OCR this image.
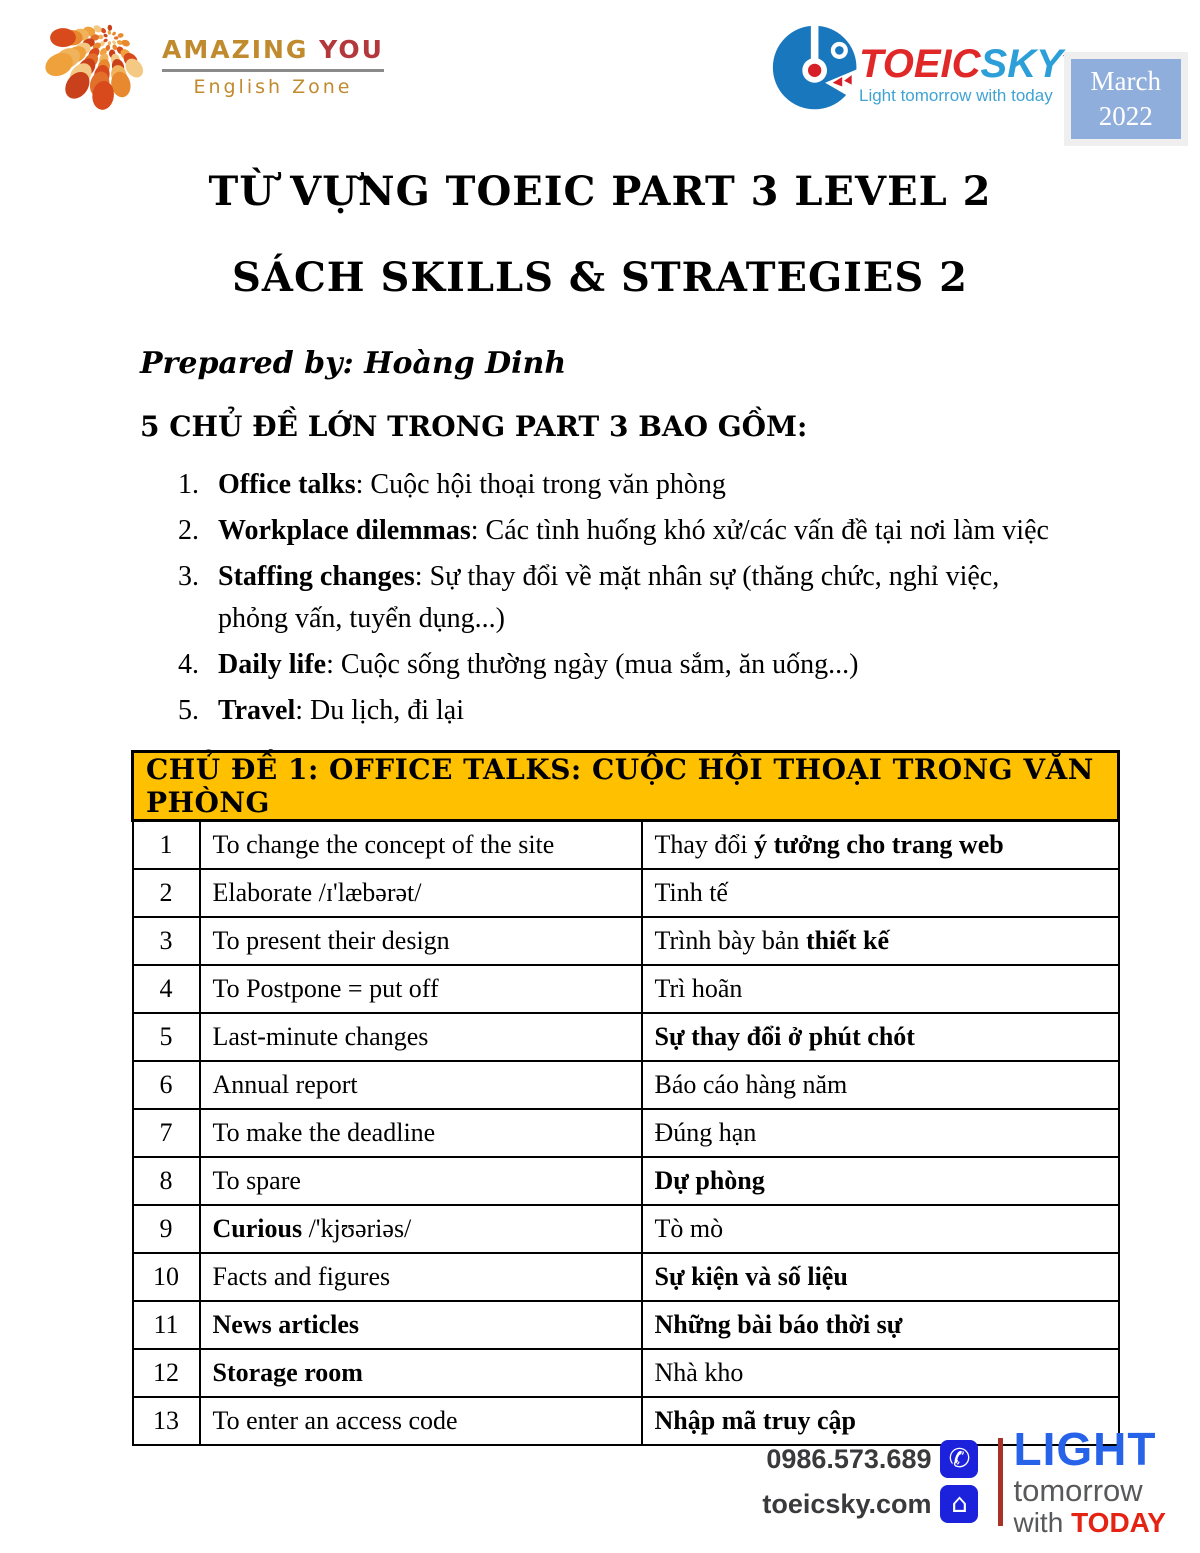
AMAZING YOU
English Zone
TOEICSKY
Light tomorrow with today	March
2022
TỪ VỰNG TOEIC PART 3 LEVEL 2
SÁCH SKILLS & STRATEGIES 2

Prepared by: Hoàng Dinh

5 CHỦ ĐỀ LỚN TRONG PART 3 BAO GỒM:

1. Office talks: Cuộc hội thoại trong văn phòng
2. Workplace dilemmas: Các tình huống khó xử/các vấn đề tại nơi làm việc
3. Staffing changes: Sự thay đổi về mặt nhân sự (thăng chức, nghỉ việc, phỏng vấn, tuyển dụng...)
4. Daily life: Cuộc sống thường ngày (mua sắm, ăn uống...)
5. Travel: Du lịch, đi lại
CHỦ ĐỀ 1: OFFICE TALKS: CUỘC HỘI THOẠI TRONG VĂN PHÒNG		
1	To change the concept of the site	Thay đổi ý tưởng cho trang web
2	Elaborate /ɪ'læbərət/	Tinh tế
3	To present their design	Trình bày bản thiết kế
4	To Postpone = put off	Trì hoãn
5	Last-minute changes	Sự thay đổi ở phút chót
6	Annual report	Báo cáo hàng năm
7	To make the deadline	Đúng hạn
8	To spare	Dự phòng
9	Curious /'kjʊəriəs/	Tò mò
10	Facts and figures	Sự kiện và số liệu
11	News articles	Những bài báo thời sự
12	Storage room	Nhà kho
13	To enter an access code	Nhập mã truy cập
0986.573.689 ✆
toeicsky.com ⌂
LIGHT
tomorrow
with TODAY
